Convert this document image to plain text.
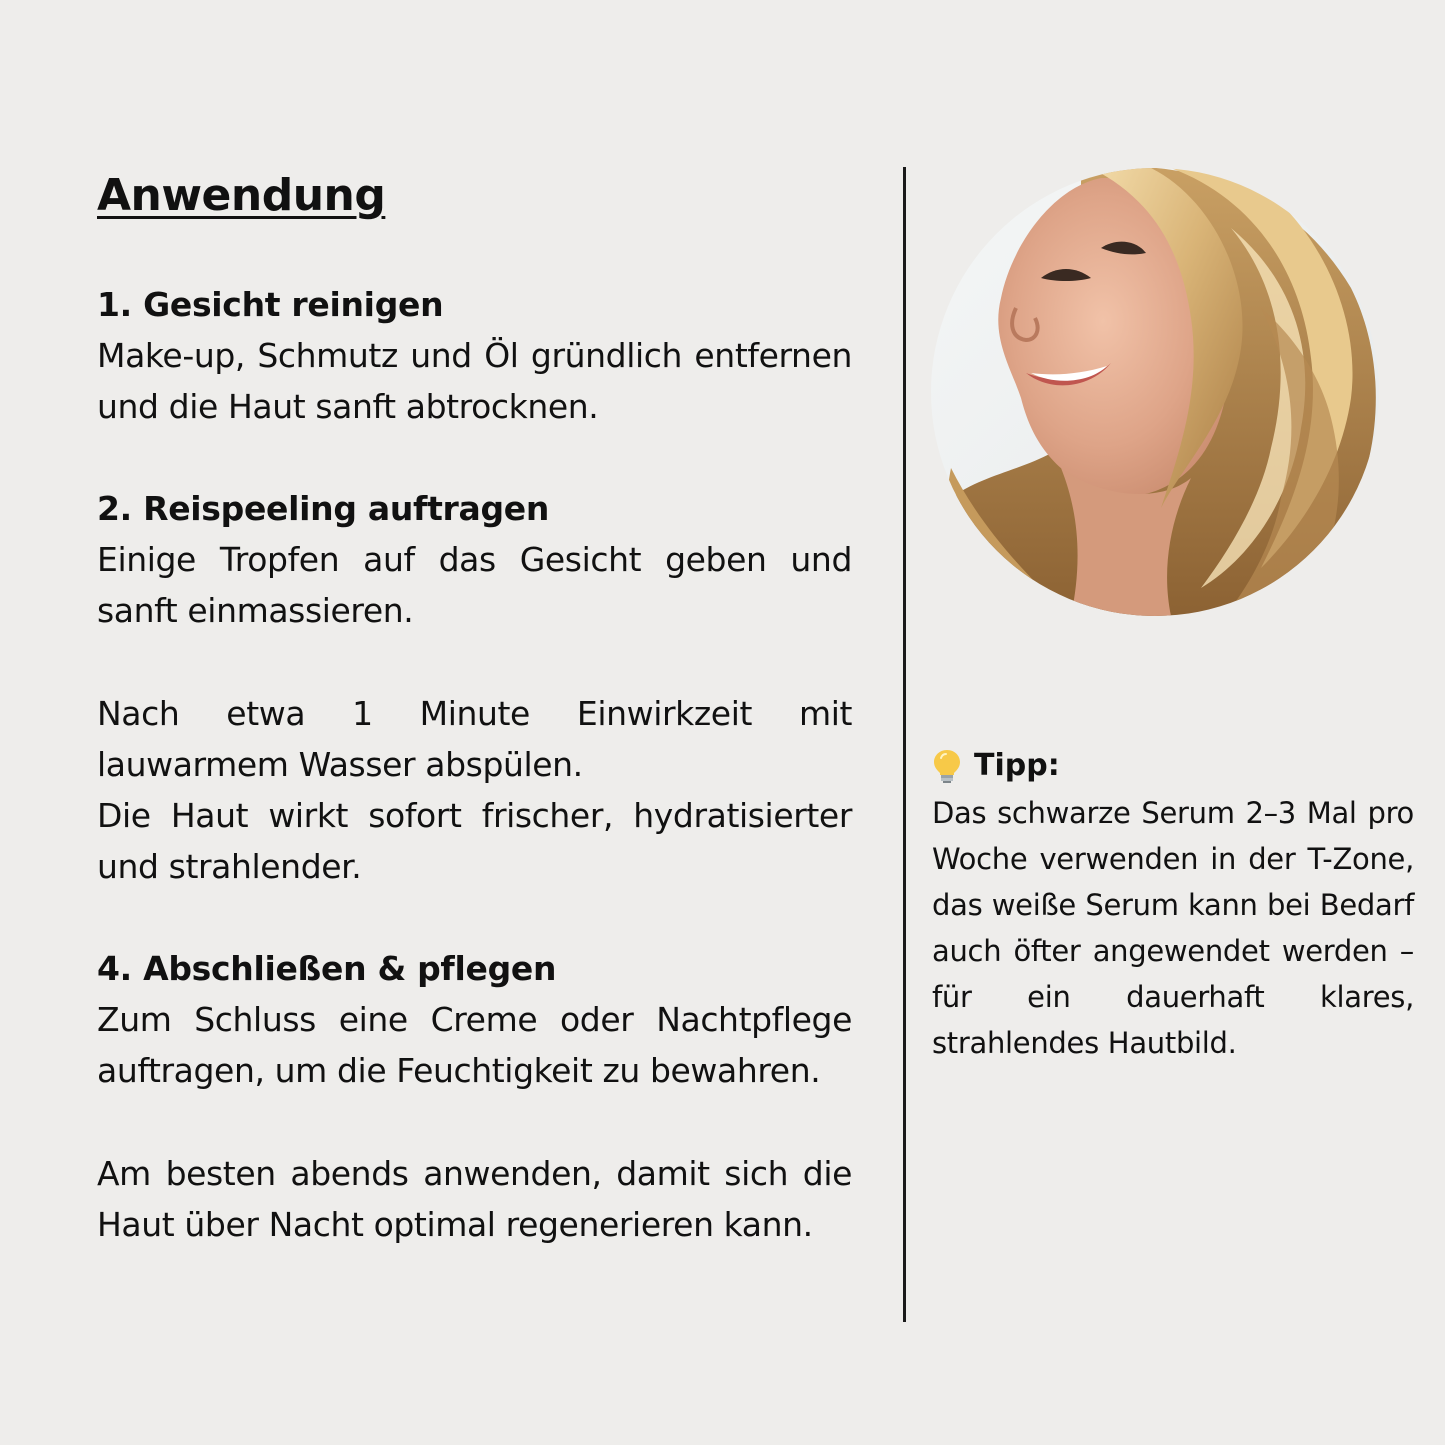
Anwendung

1. Gesicht reinigen

Make-up, Schmutz und Öl gründlich entfernen und die Haut sanft abtrocknen.

2. Reispeeling auftragen

Einige Tropfen auf das Gesicht geben und sanft einmassieren.

Nach etwa 1 Minute Einwirkzeit mit lauwarmem Wasser abspülen.

Die Haut wirkt sofort frischer, hydratisierter und strahlender.

4. Abschließen & pflegen

Zum Schluss eine Creme oder Nachtpflege auftragen, um die Feuchtigkeit zu bewahren.

Am besten abends anwenden, damit sich die Haut über Nacht optimal regenerieren kann.

Tipp:

Das schwarze Serum 2–3 Mal pro Woche verwenden in der T-Zone, das weiße Serum kann bei Bedarf auch öfter angewendet werden – für ein dauerhaft klares, strahlendes Hautbild.
